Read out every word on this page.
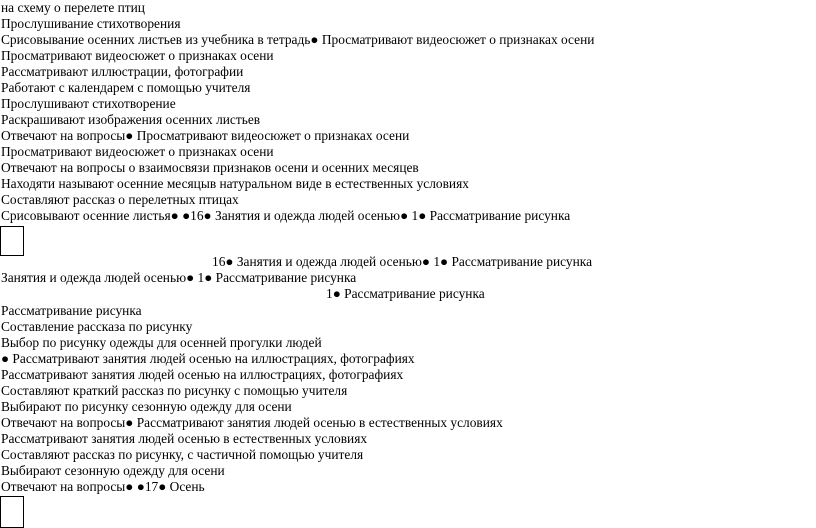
на схему о перелете птиц
Прослушивание стихотворения
Срисовывание осенних листьев из учебника в тетрадь● Просматривают видеосюжет о признаках осени
Просматривают видеосюжет о признаках осени
Рассматривают иллюстрации, фотографии
Работают с календарем с помощью учителя
Прослушивают стихотворение
Раскрашивают изображения осенних листьев
Отвечают на вопросы● Просматривают видеосюжет о признаках осени
Просматривают видеосюжет о признаках осени
Отвечают на вопросы о взаимосвязи признаков осени и осенних месяцев
Находяти называют осенние месяцыв натуральном виде в естественных условиях
Составляют рассказ о перелетных птицах
Срисовывают осенние листья● ●16● Занятия и одежда людей осенью● 1● Рассматривание рисунка
16● Занятия и одежда людей осенью● 1● Рассматривание рисунка
Занятия и одежда людей осенью● 1● Рассматривание рисунка
1● Рассматривание рисунка
Рассматривание рисунка
Составление рассказа по рисунку
Выбор по рисунку одежды для осенней прогулки людей
● Рассматривают занятия людей осенью на иллюстрациях, фотографиях
Рассматривают занятия людей осенью на иллюстрациях, фотографиях
Составляют краткий рассказ по рисунку с помощью учителя
Выбирают по рисунку сезонную одежду для осени
Отвечают на вопросы● Рассматривают занятия людей осенью в естественных условиях
Рассматривают занятия людей осенью в естественных условиях
Составляют рассказ по рисунку, с частичной помощью учителя
Выбирают сезонную одежду для осени
Отвечают на вопросы● ●17● Осень
